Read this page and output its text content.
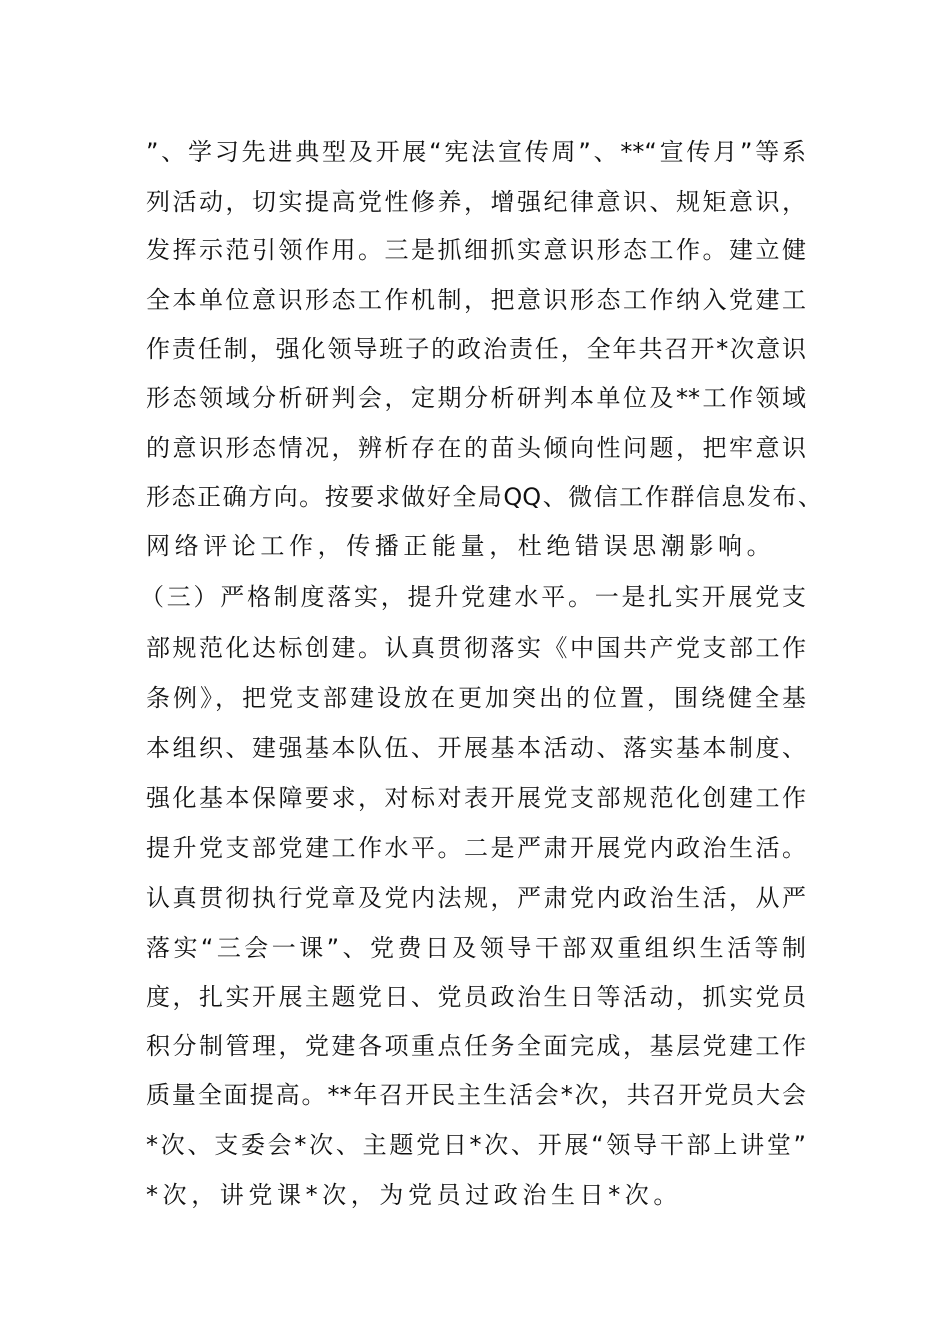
”、学习先进典型及开展“宪法宣传周”、**“宣传月”等系
列活动，切实提高党性修养，增强纪律意识、规矩意识，
发挥示范引领作用。三是抓细抓实意识形态工作。建立健
全本单位意识形态工作机制，把意识形态工作纳入党建工
作责任制，强化领导班子的政治责任，全年共召开*次意识
形态领域分析研判会，定期分析研判本单位及**工作领域
的意识形态情况，辨析存在的苗头倾向性问题，把牢意识
形态正确方向。按要求做好全局QQ、微信工作群信息发布、
网络评论工作，传播正能量，杜绝错误思潮影响。
（三）严格制度落实，提升党建水平。一是扎实开展党支
部规范化达标创建。认真贯彻落实《中国共产党支部工作
条例》，把党支部建设放在更加突出的位置，围绕健全基
本组织、建强基本队伍、开展基本活动、落实基本制度、
强化基本保障要求，对标对表开展党支部规范化创建工作
提升党支部党建工作水平。二是严肃开展党内政治生活。
认真贯彻执行党章及党内法规，严肃党内政治生活，从严
落实“三会一课”、党费日及领导干部双重组织生活等制
度，扎实开展主题党日、党员政治生日等活动，抓实党员
积分制管理，党建各项重点任务全面完成，基层党建工作
质量全面提高。**年召开民主生活会*次，共召开党员大会
*次、支委会*次、主题党日*次、开展“领导干部上讲堂”
*次，讲党课*次，为党员过政治生日*次。
